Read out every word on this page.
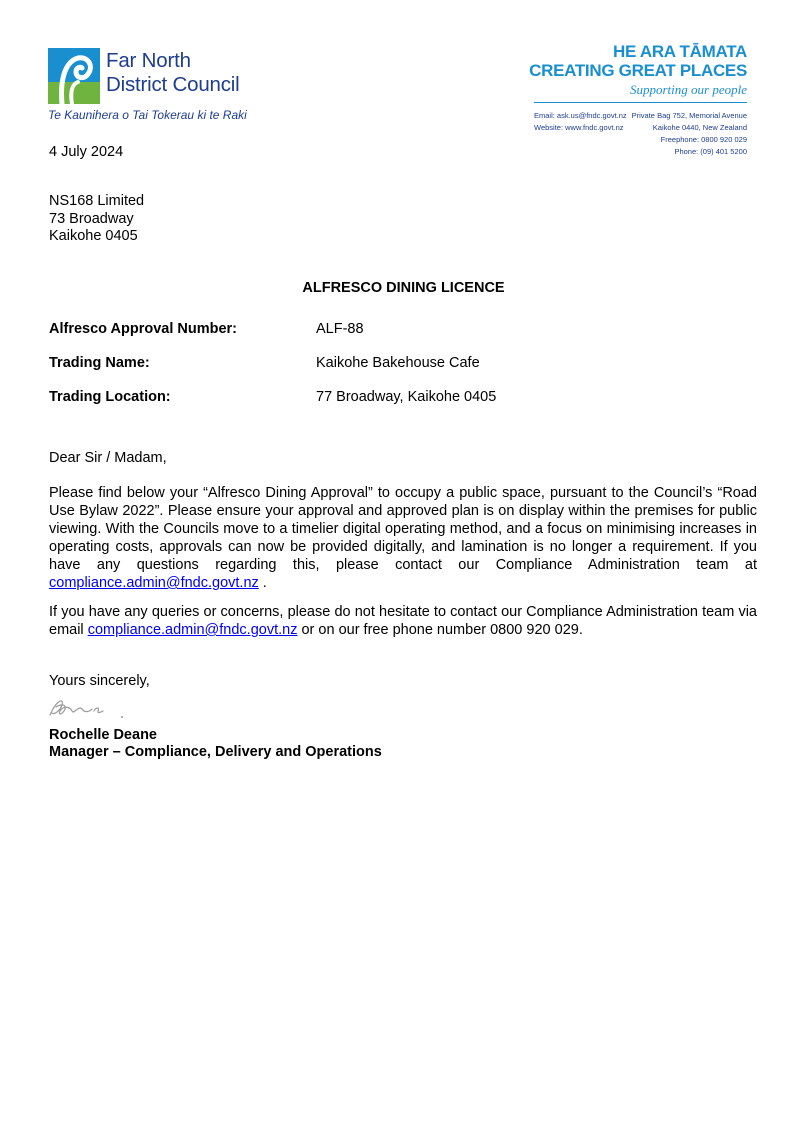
Far North
District Council
Te Kaunihera o Tai Tokerau ki te Raki
HE ARA TĀMATA
CREATING GREAT PLACES
Supporting our people
Email: ask.us@fndc.govt.nz
Website: www.fndc.govt.nz
Private Bag 752, Memorial Avenue
Kaikohe 0440, New Zealand
Freephone: 0800 920 029
Phone: (09) 401 5200
4 July 2024
NS168 Limited
73 Broadway
Kaikohe 0405
ALFRESCO DINING LICENCE
Alfresco Approval Number:	ALF-88
Trading Name:	Kaikohe Bakehouse Cafe
Trading Location:	77 Broadway, Kaikohe 0405
Dear Sir / Madam,
Please find below your “Alfresco Dining Approval” to occupy a public space, pursuant to the Council’s “Road Use Bylaw 2022”. Please ensure your approval and approved plan is on display within the premises for public viewing. With the Councils move to a timelier digital operating method, and a focus on minimising increases in operating costs, approvals can now be provided digitally, and lamination is no longer a requirement. If you have any questions regarding this, please contact our Compliance Administration team at compliance.admin@fndc.govt.nz .
If you have any queries or concerns, please do not hesitate to contact our Compliance Administration team via email compliance.admin@fndc.govt.nz or on our free phone number 0800 920 029.
Yours sincerely,
Rochelle Deane
Manager – Compliance, Delivery and Operations
